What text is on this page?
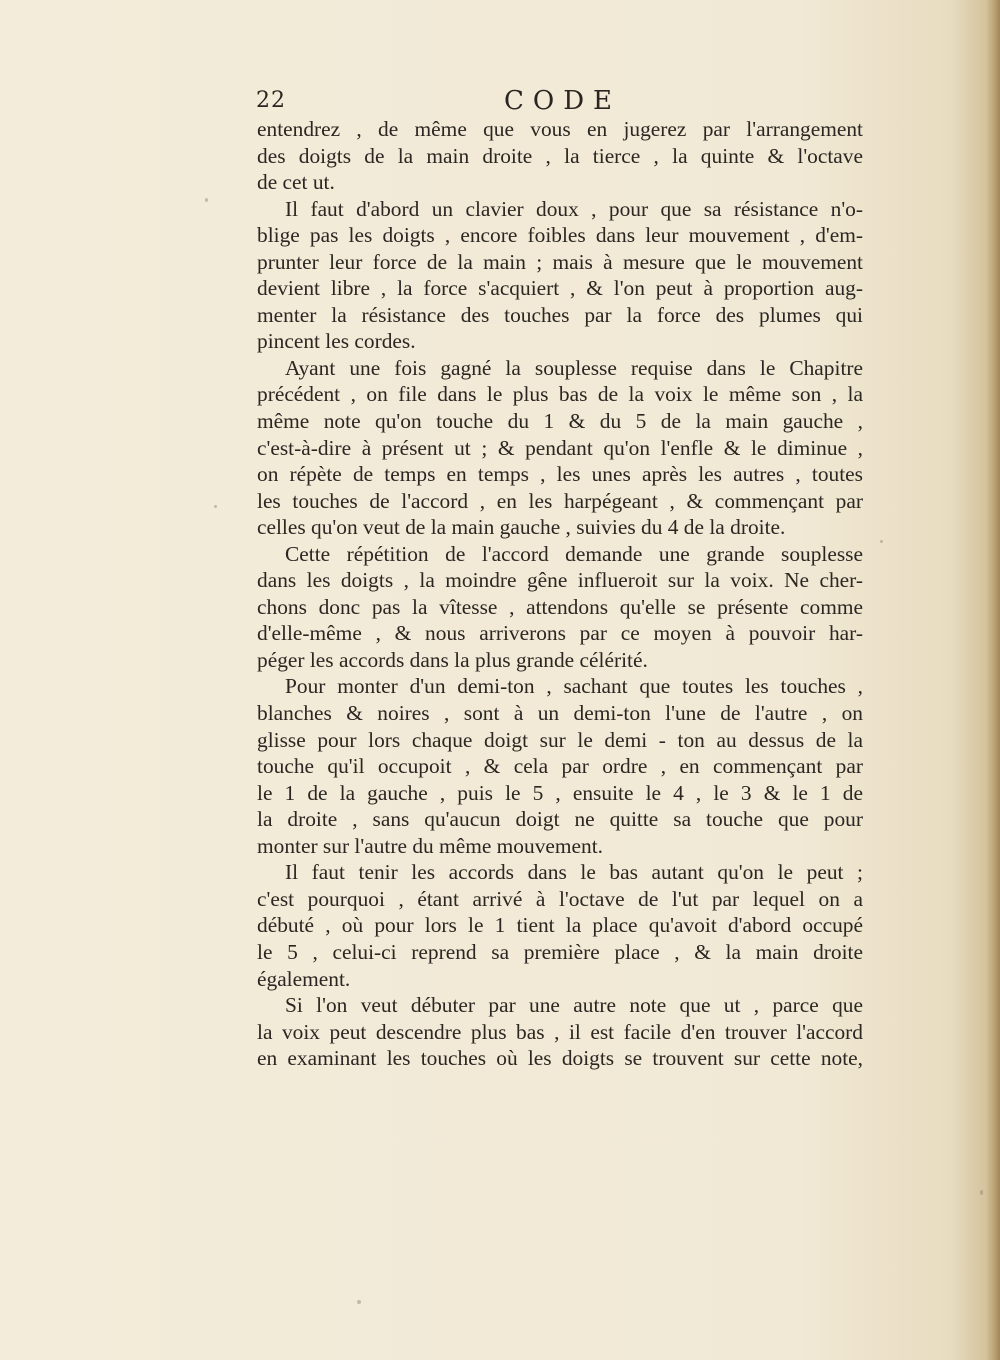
22	CODE
entendrez , de même que vous en jugerez par l'arrangement
des doigts de la main droite , la tierce , la quinte & l'octave
de cet ut.
Il faut d'abord un clavier doux , pour que sa résistance n'o-
blige pas les doigts , encore foibles dans leur mouvement , d'em-
prunter leur force de la main ; mais à mesure que le mouvement
devient libre , la force s'acquiert , & l'on peut à proportion aug-
menter la résistance des touches par la force des plumes qui
pincent les cordes.
Ayant une fois gagné la souplesse requise dans le Chapitre
précédent , on file dans le plus bas de la voix le même son , la
même note qu'on touche du 1 & du 5 de la main gauche ,
c'est-à-dire à présent ut ; & pendant qu'on l'enfle & le diminue ,
on répète de temps en temps , les unes après les autres , toutes
les touches de l'accord , en les harpégeant , & commençant par
celles qu'on veut de la main gauche , suivies du 4 de la droite.
Cette répétition de l'accord demande une grande souplesse
dans les doigts , la moindre gêne influeroit sur la voix. Ne cher-
chons donc pas la vîtesse , attendons qu'elle se présente comme
d'elle-même , & nous arriverons par ce moyen à pouvoir har-
péger les accords dans la plus grande célérité.
Pour monter d'un demi-ton , sachant que toutes les touches ,
blanches & noires , sont à un demi-ton l'une de l'autre , on
glisse pour lors chaque doigt sur le demi - ton au dessus de la
touche qu'il occupoit , & cela par ordre , en commençant par
le 1 de la gauche , puis le 5 , ensuite le 4 , le 3 & le 1 de
la droite , sans qu'aucun doigt ne quitte sa touche que pour
monter sur l'autre du même mouvement.
Il faut tenir les accords dans le bas autant qu'on le peut ;
c'est pourquoi , étant arrivé à l'octave de l'ut par lequel on a
débuté , où pour lors le 1 tient la place qu'avoit d'abord occupé
le 5 , celui-ci reprend sa première place , & la main droite
également.
Si l'on veut débuter par une autre note que ut , parce que
la voix peut descendre plus bas , il est facile d'en trouver l'accord
en examinant les touches où les doigts se trouvent sur cette note,
